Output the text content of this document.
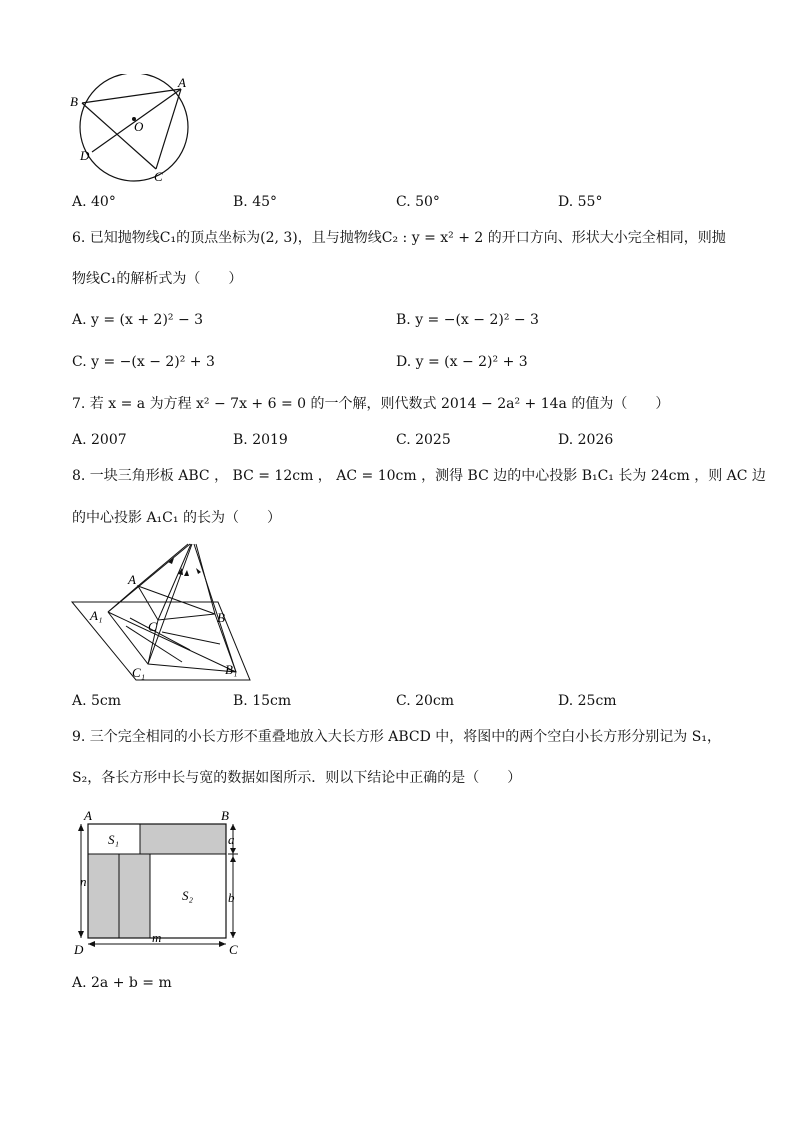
A
B
O
D
C
A. 40°	B. 45°	C. 50°	D. 55°
6. 已知抛物线C₁的顶点坐标为(2, 3)，且与抛物线C₂ : y = x² + 2 的开口方向、形状大小完全相同，则抛
物线C₁的解析式为（　　）
A. y = (x + 2)² − 3	B. y = −(x − 2)² − 3
C. y = −(x − 2)² + 3	D. y = (x − 2)² + 3
7. 若 x = a 为方程 x² − 7x + 6 = 0 的一个解，则代数式 2014 − 2a² + 14a 的值为（　　）
A. 2007	B. 2019	C. 2025	D. 2026
8. 一块三角形板 ABC ， BC = 12cm ， AC = 10cm ，测得 BC 边的中心投影 B₁C₁ 长为 24cm ，则 AC 边
的中心投影 A₁C₁ 的长为（　　）
A
A₁	B
C
C₁	B₁
A. 5cm	B. 15cm	C. 20cm	D. 25cm
9. 三个完全相同的小长方形不重叠地放入大长方形 ABCD 中，将图中的两个空白小长方形分别记为 S₁，
S₂，各长方形中长与宽的数据如图所示．则以下结论中正确的是（　　）
A	B
D	C
S₁
S₂
a
b
n
m
A. 2a + b = m
